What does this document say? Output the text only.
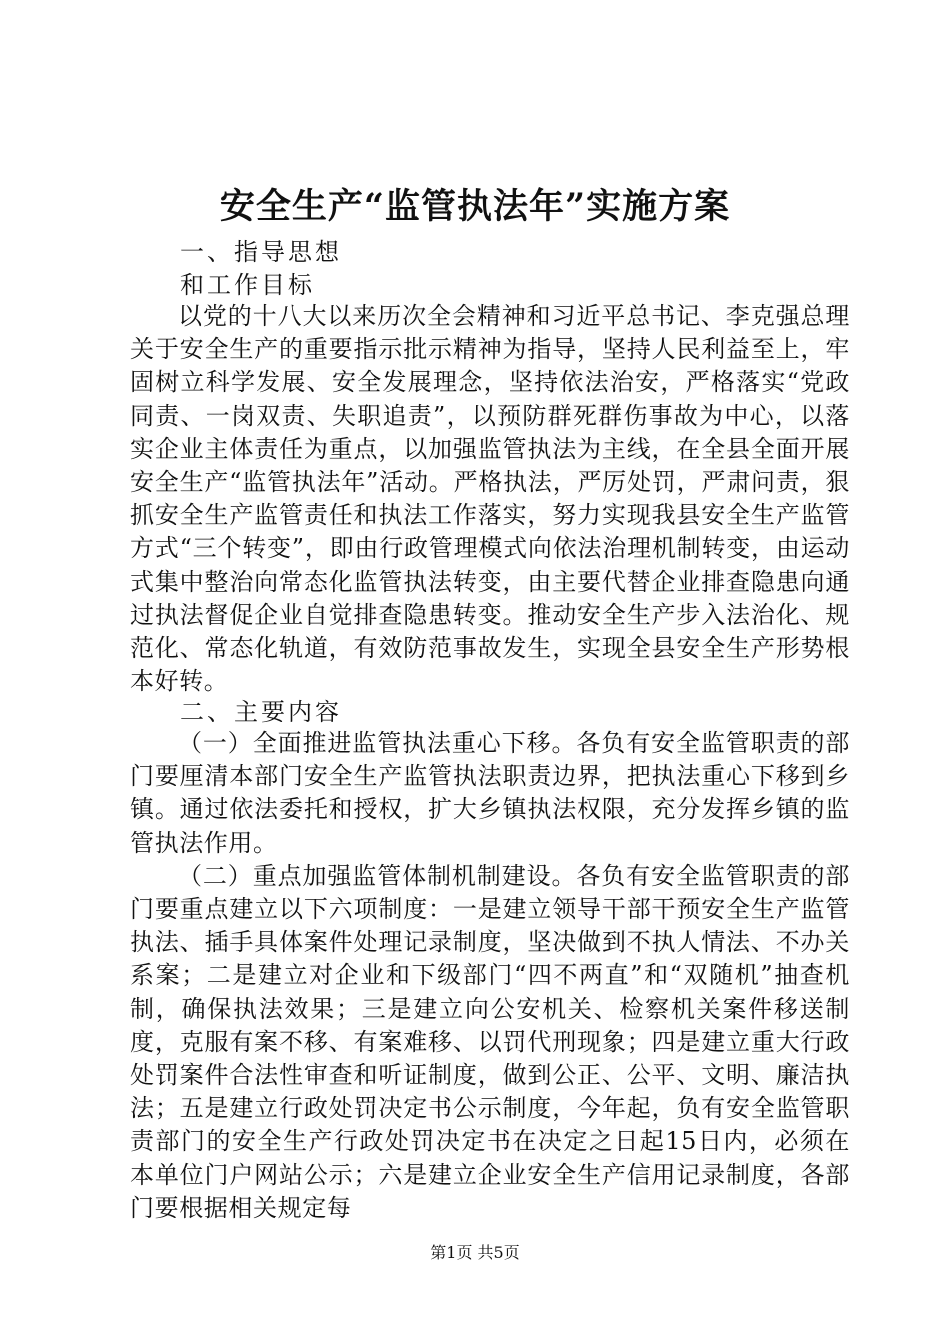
安全生产“监管执法年”实施方案
一、指导思想
和工作目标

以党的十八大以来历次全会精神和习近平总书记、李克强总理关于安全生产的重要指示批示精神为指导，坚持人民利益至上，牢固树立科学发展、安全发展理念，坚持依法治安，严格落实“党政同责、一岗双责、失职追责”，以预防群死群伤事故为中心，以落实企业主体责任为重点，以加强监管执法为主线，在全县全面开展安全生产“监管执法年”活动。严格执法，严厉处罚，严肃问责，狠抓安全生产监管责任和执法工作落实，努力实现我县安全生产监管方式“三个转变”，即由行政管理模式向依法治理机制转变，由运动式集中整治向常态化监管执法转变，由主要代替企业排查隐患向通过执法督促企业自觉排查隐患转变。推动安全生产步入法治化、规范化、常态化轨道，有效防范事故发生，实现全县安全生产形势根本好转。

二、主要内容

（一）全面推进监管执法重心下移。各负有安全监管职责的部门要厘清本部门安全生产监管执法职责边界，把执法重心下移到乡镇。通过依法委托和授权，扩大乡镇执法权限，充分发挥乡镇的监管执法作用。

（二）重点加强监管体制机制建设。各负有安全监管职责的部门要重点建立以下六项制度：一是建立领导干部干预安全生产监管执法、插手具体案件处理记录制度，坚决做到不执人情法、不办关系案；二是建立对企业和下级部门“四不两直”和“双随机”抽查机制，确保执法效果；三是建立向公安机关、检察机关案件移送制度，克服有案不移、有案难移、以罚代刑现象；四是建立重大行政处罚案件合法性审查和听证制度，做到公正、公平、文明、廉洁执法；五是建立行政处罚决定书公示制度，今年起，负有安全监管职责部门的安全生产行政处罚决定书在决定之日起15日内，必须在本单位门户网站公示；六是建立企业安全生产信用记录制度，各部门要根据相关规定每

第1页 共5页
